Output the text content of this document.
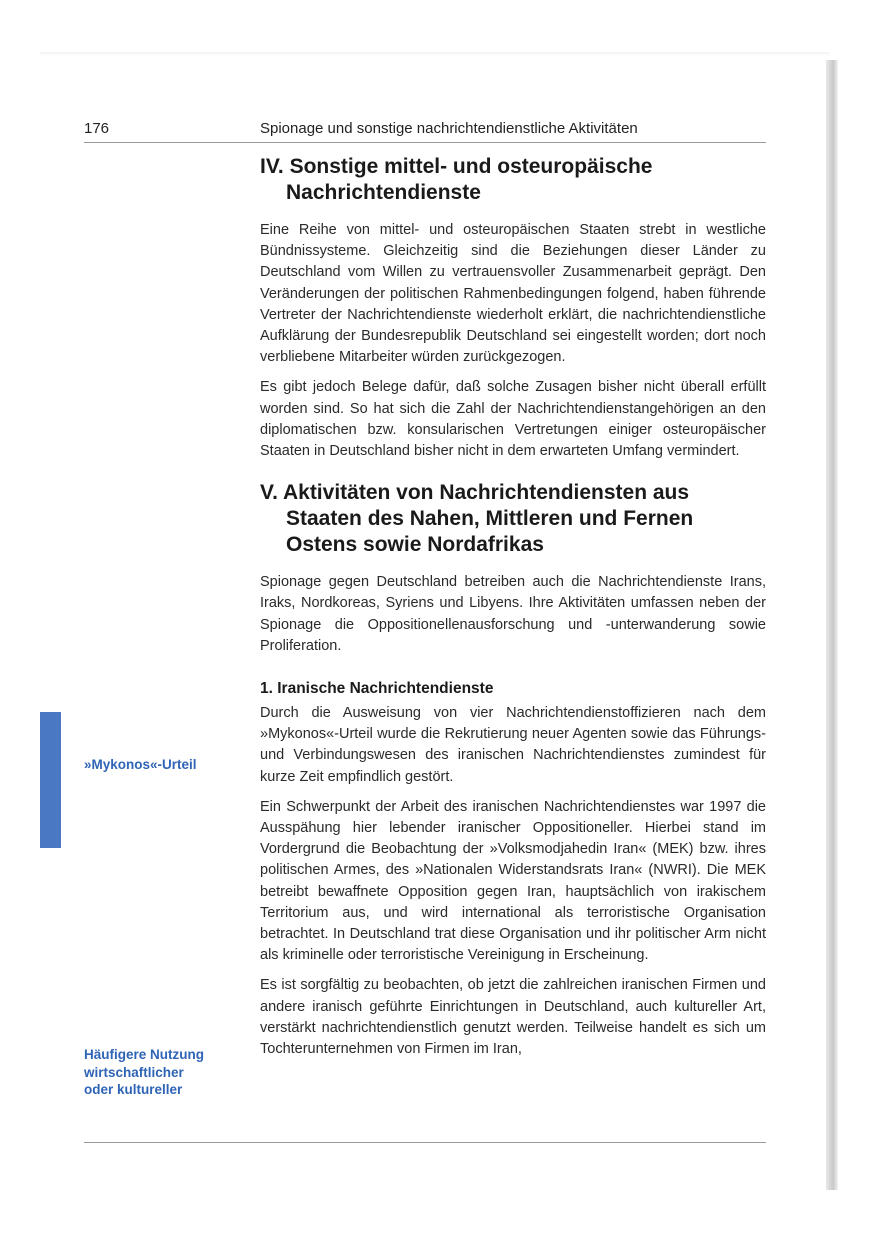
176	Spionage und sonstige nachrichtendienstliche Aktivitäten
IV. Sonstige mittel- und osteuropäische Nachrichtendienste

Eine Reihe von mittel- und osteuropäischen Staaten strebt in westliche Bündnissysteme. Gleichzeitig sind die Beziehungen dieser Länder zu Deutschland vom Willen zu vertrauensvoller Zusammenarbeit geprägt. Den Veränderungen der politischen Rahmenbedingungen folgend, haben führende Vertreter der Nachrichtendienste wiederholt erklärt, die nachrichtendienstliche Aufklärung der Bundesrepublik Deutschland sei eingestellt worden; dort noch verbliebene Mitarbeiter würden zurückgezogen.

Es gibt jedoch Belege dafür, daß solche Zusagen bisher nicht überall erfüllt worden sind. So hat sich die Zahl der Nachrichtendienstangehörigen an den diplomatischen bzw. konsularischen Vertretungen einiger osteuropäischer Staaten in Deutschland bisher nicht in dem erwarteten Umfang vermindert.

V. Aktivitäten von Nachrichtendiensten aus Staaten des Nahen, Mittleren und Fernen Ostens sowie Nordafrikas

Spionage gegen Deutschland betreiben auch die Nachrichtendienste Irans, Iraks, Nordkoreas, Syriens und Libyens. Ihre Aktivitäten umfassen neben der Spionage die Oppositionellenausforschung und -unterwanderung sowie Proliferation.

1. Iranische Nachrichtendienste

Durch die Ausweisung von vier Nachrichtendienstoffizieren nach dem »Mykonos«-Urteil wurde die Rekrutierung neuer Agenten sowie das Führungs- und Verbindungswesen des iranischen Nachrichtendienstes zumindest für kurze Zeit empfindlich gestört.

Ein Schwerpunkt der Arbeit des iranischen Nachrichtendienstes war 1997 die Ausspähung hier lebender iranischer Oppositioneller. Hierbei stand im Vordergrund die Beobachtung der »Volksmodjahedin Iran« (MEK) bzw. ihres politischen Armes, des »Nationalen Widerstandsrats Iran« (NWRI). Die MEK betreibt bewaffnete Opposition gegen Iran, hauptsächlich von irakischem Territorium aus, und wird international als terroristische Organisation betrachtet. In Deutschland trat diese Organisation und ihr politischer Arm nicht als kriminelle oder terroristische Vereinigung in Erscheinung.

Es ist sorgfältig zu beobachten, ob jetzt die zahlreichen iranischen Firmen und andere iranisch geführte Einrichtungen in Deutschland, auch kultureller Art, verstärkt nachrichtendienstlich genutzt werden. Teilweise handelt es sich um Tochterunternehmen von Firmen im Iran,

»Mykonos«-Urteil
Häufigere Nutzung wirtschaftlicher oder kultureller
